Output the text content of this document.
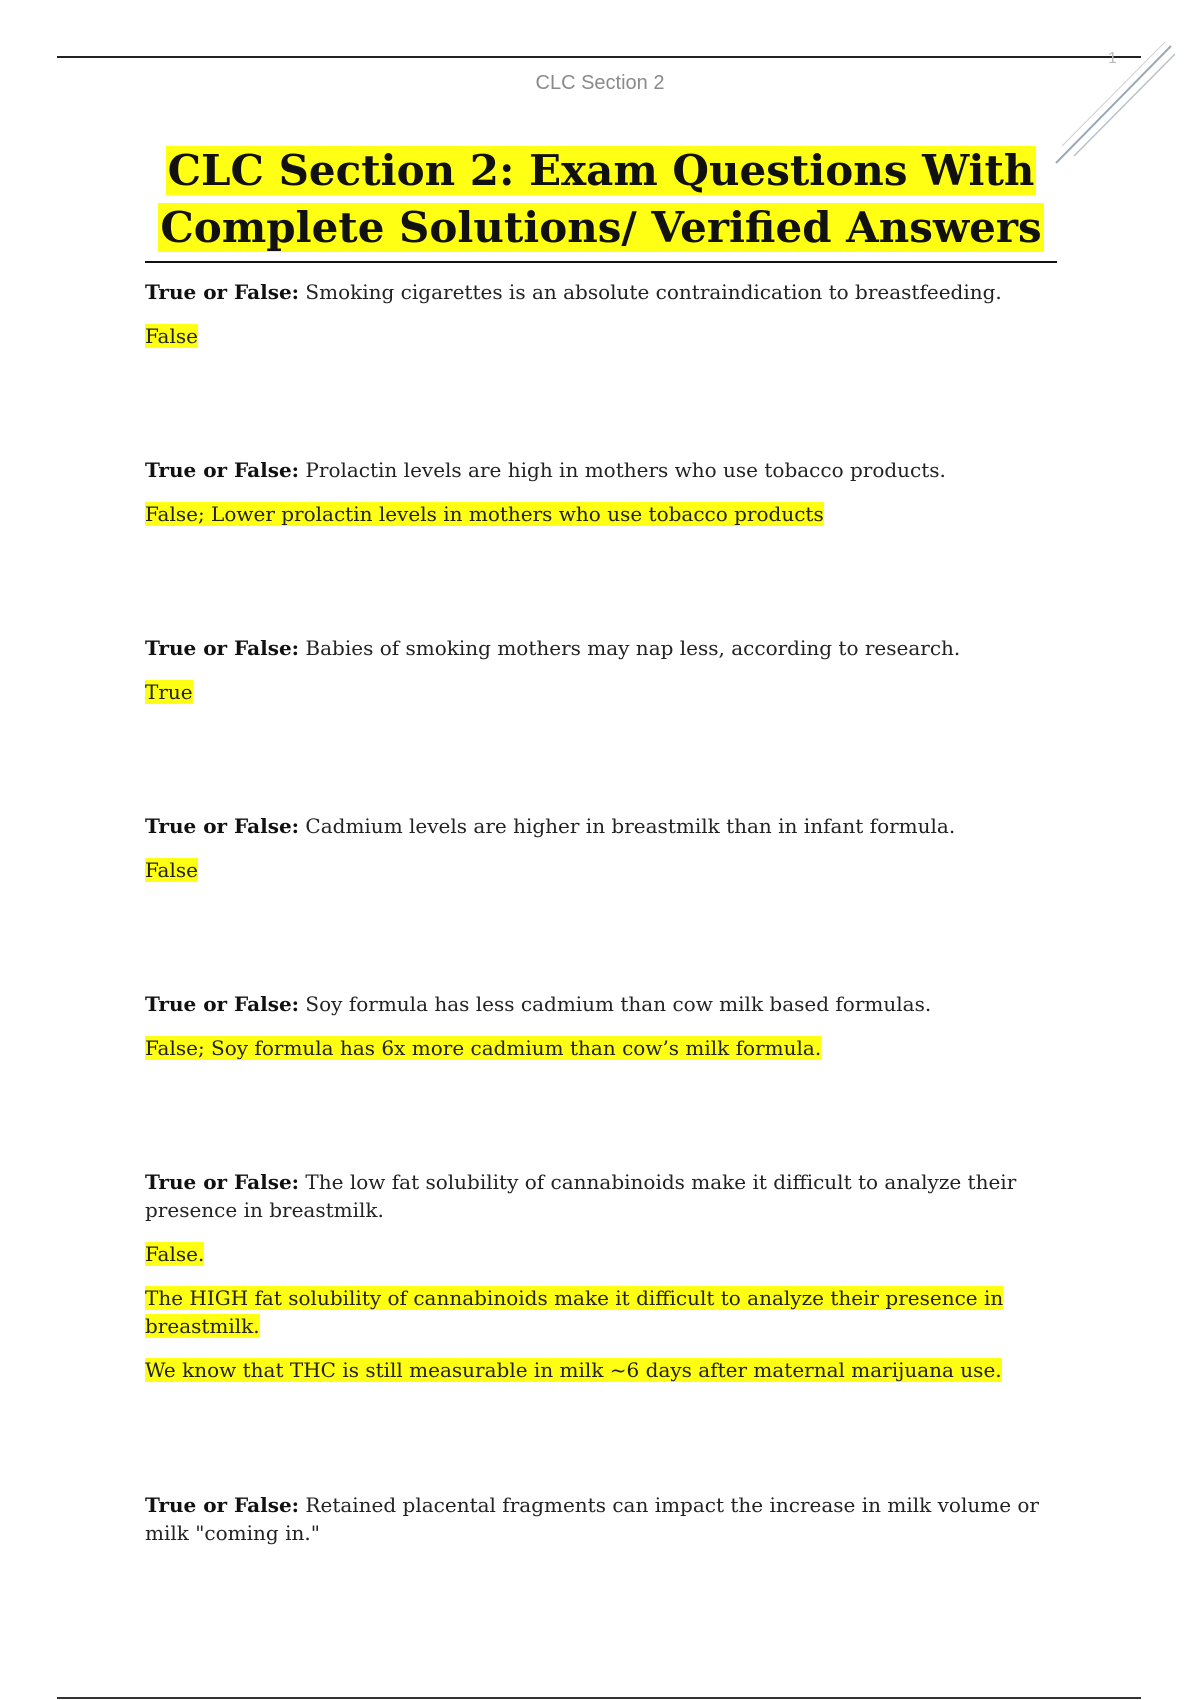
1
CLC Section 2
CLC Section 2: Exam Questions With Complete Solutions/ Verified Answers

True or False: Smoking cigarettes is an absolute contraindication to breastfeeding.

False

True or False: Prolactin levels are high in mothers who use tobacco products.

False; Lower prolactin levels in mothers who use tobacco products

True or False: Babies of smoking mothers may nap less, according to research.

True

True or False: Cadmium levels are higher in breastmilk than in infant formula.

False

True or False: Soy formula has less cadmium than cow milk based formulas.

False; Soy formula has 6x more cadmium than cow’s milk formula.

True or False: The low fat solubility of cannabinoids make it difficult to analyze their presence in breastmilk.

False.

The HIGH fat solubility of cannabinoids make it difficult to analyze their presence in breastmilk.

We know that THC is still measurable in milk ~6 days after maternal marijuana use.

True or False: Retained placental fragments can impact the increase in milk volume or milk "coming in."
